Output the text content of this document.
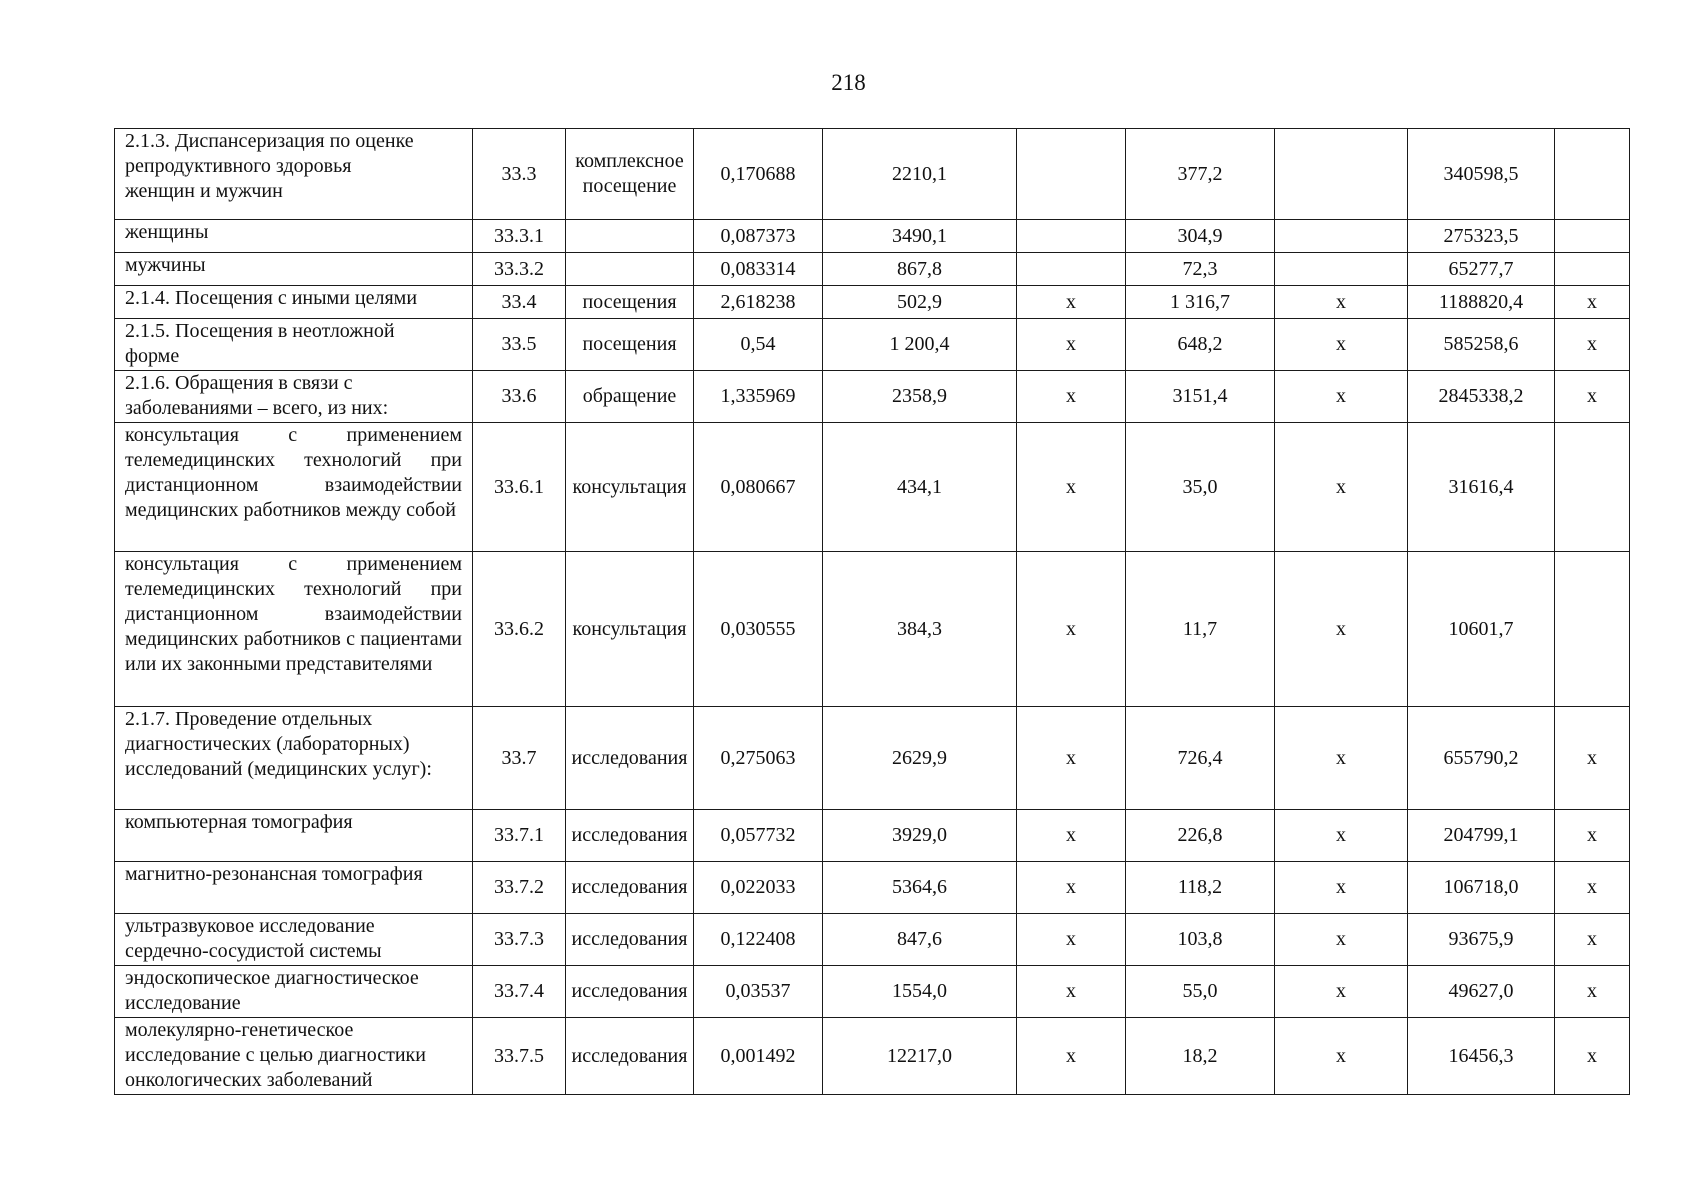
218
2.1.3. Диспансеризация по оценке репродуктивного здоровья женщин и мужчин	33.3	комплексное посещение	0,170688	2210,1		377,2		340598,5	
женщины	33.3.1		0,087373	3490,1		304,9		275323,5	
мужчины	33.3.2		0,083314	867,8		72,3		65277,7	
2.1.4. Посещения с иными целями	33.4	посещения	2,618238	502,9	х	1 316,7	х	1188820,4	х

2.1.5. Посещения в неотложной форме	33.5	посещения	0,54	1 200,4	х	648,2	х	585258,6	х

2.1.6. Обращения в связи с заболеваниями – всего, из них:	33.6	обращение	1,335969	2358,9	х	3151,4	х	2845338,2	х
консультация с применением телемедицинских технологий при дистанционном взаимодействии медицинских работников между собой	33.6.1	консультация	0,080667	434,1	х	35,0	х	31616,4	
консультация с применением телемедицинских технологий при дистанционном взаимодействии медицинских работников с пациентами или их законными представителями	33.6.2	консультация	0,030555	384,3	х	11,7	х	10601,7	

2.1.7. Проведение отдельных диагностических (лабораторных) исследований (медицинских услуг):	33.7	исследования	0,275063	2629,9	х	726,4	х	655790,2	х
компьютерная томография	33.7.1	исследования	0,057732	3929,0	х	226,8	х	204799,1	х
магнитно-резонансная томография	33.7.2	исследования	0,022033	5364,6	х	118,2	х	106718,0	х

ультразвуковое исследование сердечно-сосудистой системы	33.7.3	исследования	0,122408	847,6	х	103,8	х	93675,9	х

эндоскопическое диагностическое исследование	33.7.4	исследования	0,03537	1554,0	х	55,0	х	49627,0	х

молекулярно-генетическое исследование с целью диагностики онкологических заболеваний	33.7.5	исследования	0,001492	12217,0	х	18,2	х	16456,3	х
